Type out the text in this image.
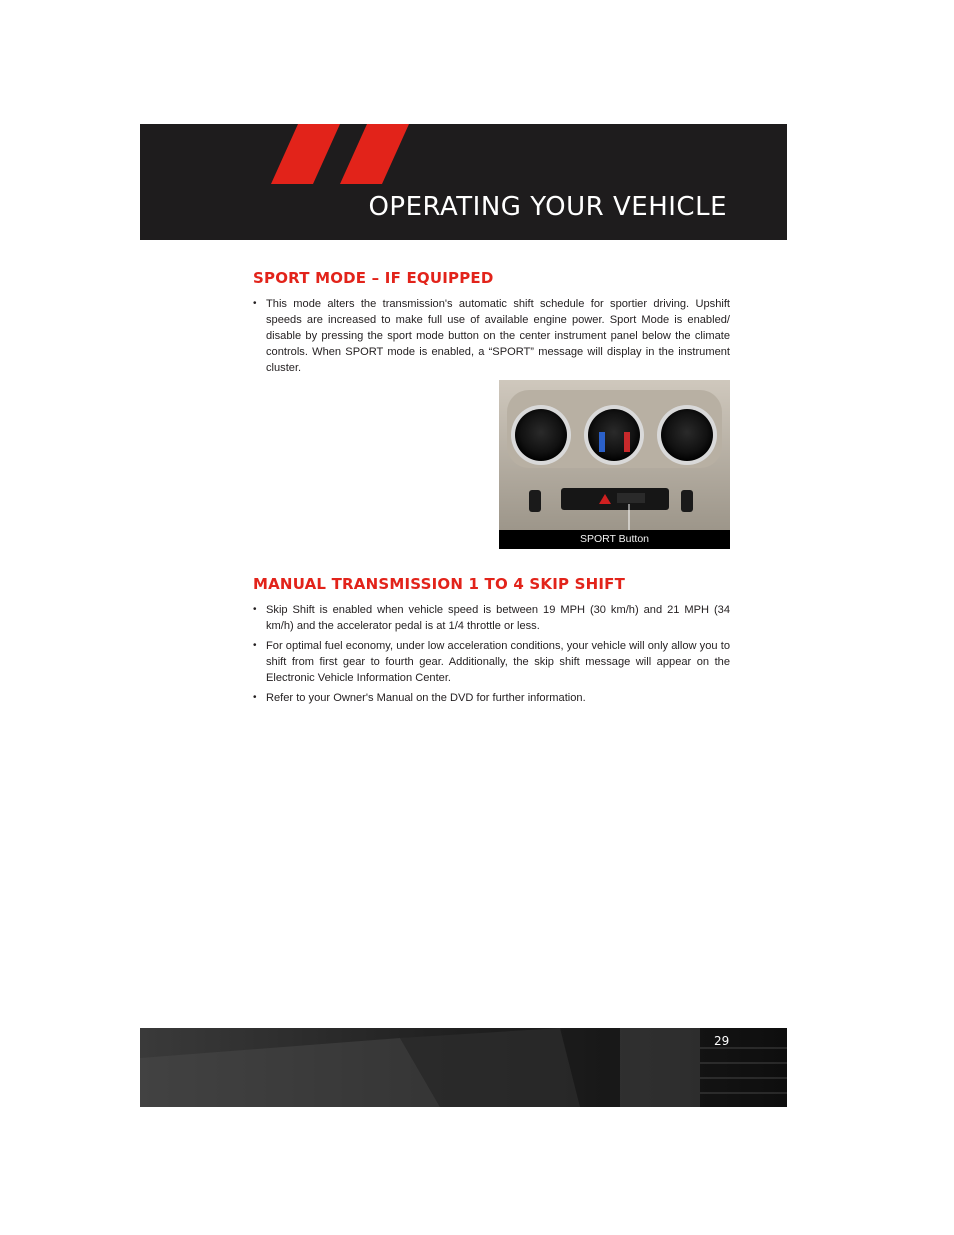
OPERATING YOUR VEHICLE
SPORT MODE – IF EQUIPPED
• This mode alters the transmission's automatic shift schedule for sportier driving. Upshift speeds are increased to make full use of available engine power. Sport Mode is enabled/ disable by pressing the sport mode button on the center instrument panel below the climate controls. When SPORT mode is enabled, a “SPORT” message will display in the instrument cluster.
SPORT Button
MANUAL TRANSMISSION 1 TO 4 SKIP SHIFT
• Skip Shift is enabled when vehicle speed is between 19 MPH (30 km/h) and 21 MPH (34 km/h) and the accelerator pedal is at 1/4 throttle or less.
• For optimal fuel economy, under low acceleration conditions, your vehicle will only allow you to shift from first gear to fourth gear. Additionally, the skip shift message will appear on the Electronic Vehicle Information Center.
• Refer to your Owner's Manual on the DVD for further information.
29
